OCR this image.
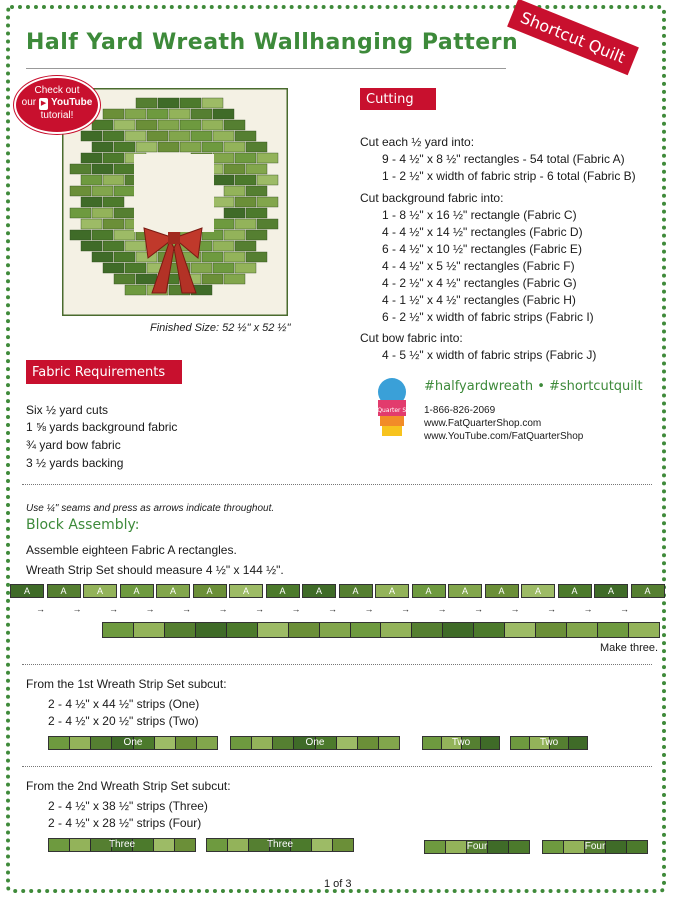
Half Yard Wreath Wallhanging Pattern Shortcut Quilt
Check out
our ▶ YouTube
tutorial!
Finished Size: 52 ½" x 52 ½"
Cutting
Cut each ½ yard into:
9 - 4 ½" x 8 ½" rectangles - 54 total (Fabric A)
1 - 2 ½" x width of fabric strip - 6 total (Fabric B)
Cut background fabric into:
1 - 8 ½" x 16 ½" rectangle (Fabric C)
4 - 4 ½" x 14 ½" rectangles (Fabric D)
6 - 4 ½" x 10 ½" rectangles (Fabric E)
4 - 4 ½" x 5 ½" rectangles (Fabric F)
4 - 2 ½" x 4 ½" rectangles (Fabric G)
4 - 1 ½" x 4 ½" rectangles (Fabric H)
6 - 2 ½" x width of fabric strips (Fabric I)
Cut bow fabric into:
4 - 5 ½" x width of fabric strips (Fabric J)
Fat Quarter Shop
#halfyardwreath • #shortcutquilt
1-866-826-2069
www.FatQuarterShop.com
www.YouTube.com/FatQuarterShop
Fabric Requirements
Six ½ yard cuts
1 ⅝ yards background fabric
¾ yard bow fabric
3 ½ yards backing
Use ¼" seams and press as arrows indicate throughout.
Block Assembly:
Assemble eighteen Fabric A rectangles.
Wreath Strip Set should measure 4 ½" x 144 ½".
A
→
A
→
A
→
A
→
A
→
A
→
A
→
A
→
A
→
A
→
A
→
A
→
A
→
A
→
A
→
A
→
A
→
A
Make three.
From the 1st Wreath Strip Set subcut:
2 - 4 ½" x 44 ½" strips (One)
2 - 4 ½" x 20 ½" strips (Two)
One	One	Two	Two
From the 2nd Wreath Strip Set subcut:
2 - 4 ½" x 38 ½" strips (Three)
2 - 4 ½" x 28 ½" strips (Four)
Three	Three	Four	Four
1 of 3
